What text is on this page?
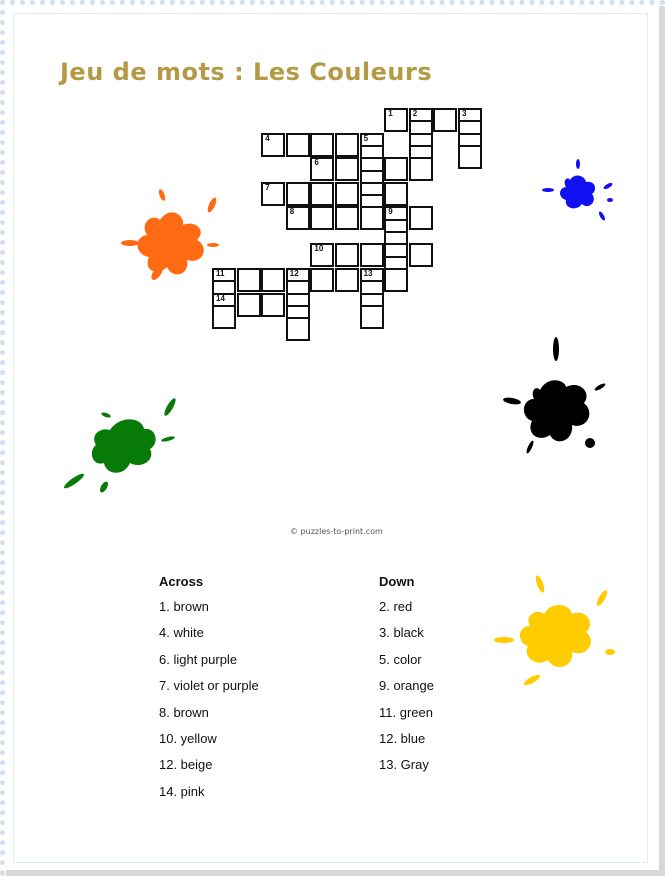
Jeu de mots : Les Couleurs
1	2	3
4	5
6
7
8	9
10
11	12	13
14
© puzzles-to-print.com
Across
1. brown
4. white
6. light purple
7. violet or purple
8. brown
10. yellow
12. beige
14. pink
Down
2. red
3. black
5. color
9. orange
11. green
12. blue
13. Gray
